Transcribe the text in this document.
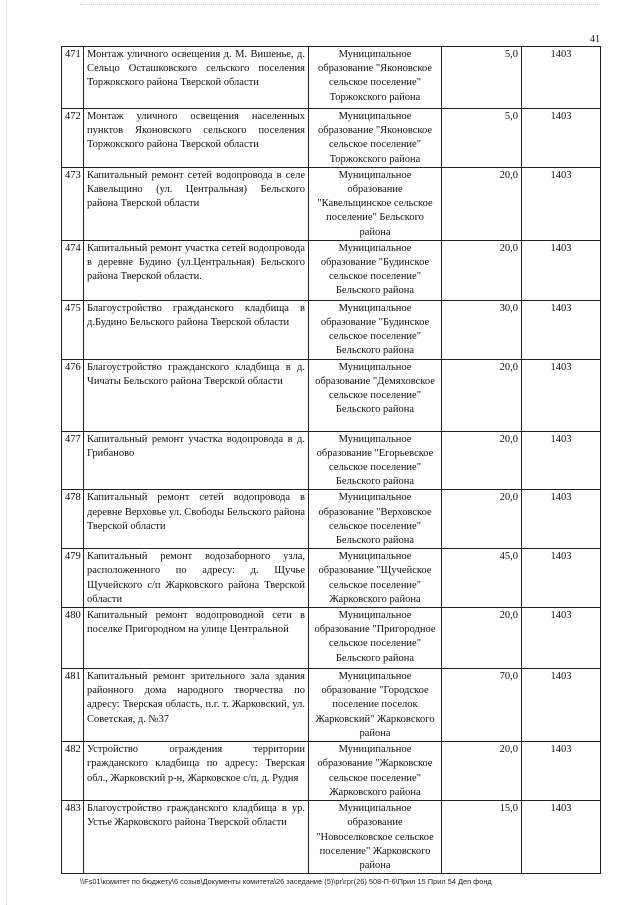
41
471	Монтаж уличного освещения д. М. Вишенье, д. Сельцо Осташковского сельского поселения Торжокского района Тверской области	Муниципальное образование "Яконовское сельское поселение" Торжокского района	5,0	1403
472	Монтаж уличного освещения населенных пунктов Яконовского сельского поселения Торжокского района Тверской области	Муниципальное образование "Яконовское сельское поселение" Торжокского района	5,0	1403
473	Капитальный ремонт сетей водопровода в селе Кавельщино (ул. Центральная) Бельского района Тверской области	Муниципальное образование "Кавельщинское сельское поселение" Бельского района	20,0	1403
474	Капитальный ремонт участка сетей водопровода в деревне Будино (ул.Центральная) Бельского района Тверской области.	Муниципальное образование "Будинское сельское поселение" Бельского района	20,0	1403
475	Благоустройство гражданского кладбища в д.Будино Бельского района Тверской области	Муниципальное образование "Будинское сельское поселение" Бельского района	30,0	1403
476	Благоустройство гражданского кладбища в д. Чичаты Бельского района Тверской области	Муниципальное образование "Демяховское сельское поселение" Бельского района	20,0	1403
477	Капитальный ремонт участка водопровода в д. Грибаново	Муниципальное образование "Егорьевское сельское поселение" Бельского района	20,0	1403
478	Капитальный ремонт сетей водопровода в деревне Верховье ул. Свободы Бельского района Тверской области	Муниципальное образование "Верховское сельское поселение" Бельского района	20,0	1403
479	Капитальный ремонт водозаборного узла, расположенного по адресу: д. Щучье Щучейского с/п Жарковского района Тверской области	Муниципальное образование "Щучейское сельское поселение" Жарковского района	45,0	1403
480	Капитальный ремонт водопроводной сети в поселке Пригородном на улице Центральной	Муниципальное образование "Пригородное сельское поселение" Бельского района	20,0	1403
481	Капитальный ремонт зрительного зала здания районного дома народного творчества по адресу: Тверская область, п.г. т. Жарковский, ул. Советская, д. №37	Муниципальное образование "Городское поселение поселок Жарковский" Жарковского района	70,0	1403
482	Устройство ограждения территории гражданского кладбища по адресу: Тверская обл., Жарковский р-н, Жарковское с/п, д. Рудня	Муниципальное образование "Жарковское сельское поселение" Жарковского района	20,0	1403
483	Благоустройство гражданского кладбища в ур. Устье Жарковского района Тверской области	Муниципальное образование "Новоселковское сельское поселение" Жарковского района	15,0	1403
\\Fs01\комитет по бюджету\6 созыв\Документы комитета\26 заседание (5)\рг\грг(26) 508-П-6\Прил 15 Прил 54 Деп фонд
